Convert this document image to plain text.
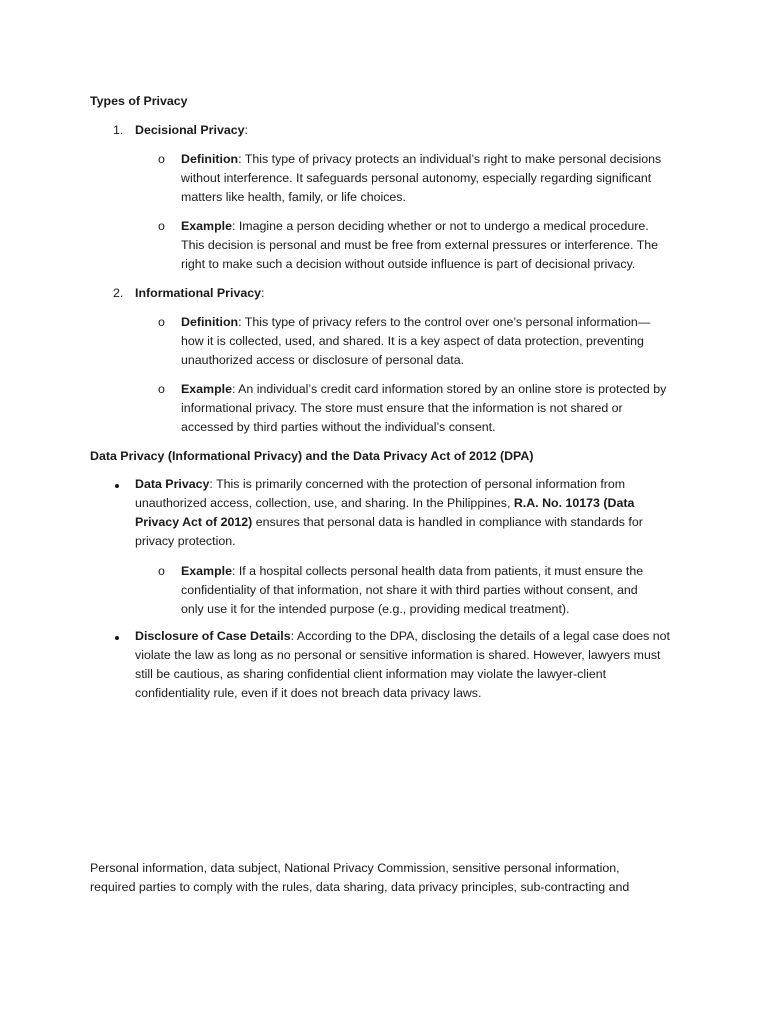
Types of Privacy
1. Decisional Privacy:
o Definition: This type of privacy protects an individual’s right to make personal decisions
without interference. It safeguards personal autonomy, especially regarding significant
matters like health, family, or life choices.
o Example: Imagine a person deciding whether or not to undergo a medical procedure.
This decision is personal and must be free from external pressures or interference. The
right to make such a decision without outside influence is part of decisional privacy.
2. Informational Privacy:
o Definition: This type of privacy refers to the control over one’s personal information—
how it is collected, used, and shared. It is a key aspect of data protection, preventing
unauthorized access or disclosure of personal data.
o Example: An individual’s credit card information stored by an online store is protected by
informational privacy. The store must ensure that the information is not shared or
accessed by third parties without the individual’s consent.
Data Privacy (Informational Privacy) and the Data Privacy Act of 2012 (DPA)
Data Privacy: This is primarily concerned with the protection of personal information from
unauthorized access, collection, use, and sharing. In the Philippines, R.A. No. 10173 (Data
Privacy Act of 2012) ensures that personal data is handled in compliance with standards for
privacy protection.
o Example: If a hospital collects personal health data from patients, it must ensure the
confidentiality of that information, not share it with third parties without consent, and
only use it for the intended purpose (e.g., providing medical treatment).
Disclosure of Case Details: According to the DPA, disclosing the details of a legal case does not
violate the law as long as no personal or sensitive information is shared. However, lawyers must
still be cautious, as sharing confidential client information may violate the lawyer-client
confidentiality rule, even if it does not breach data privacy laws.
Personal information, data subject, National Privacy Commission, sensitive personal information,
required parties to comply with the rules, data sharing, data privacy principles, sub-contracting and
